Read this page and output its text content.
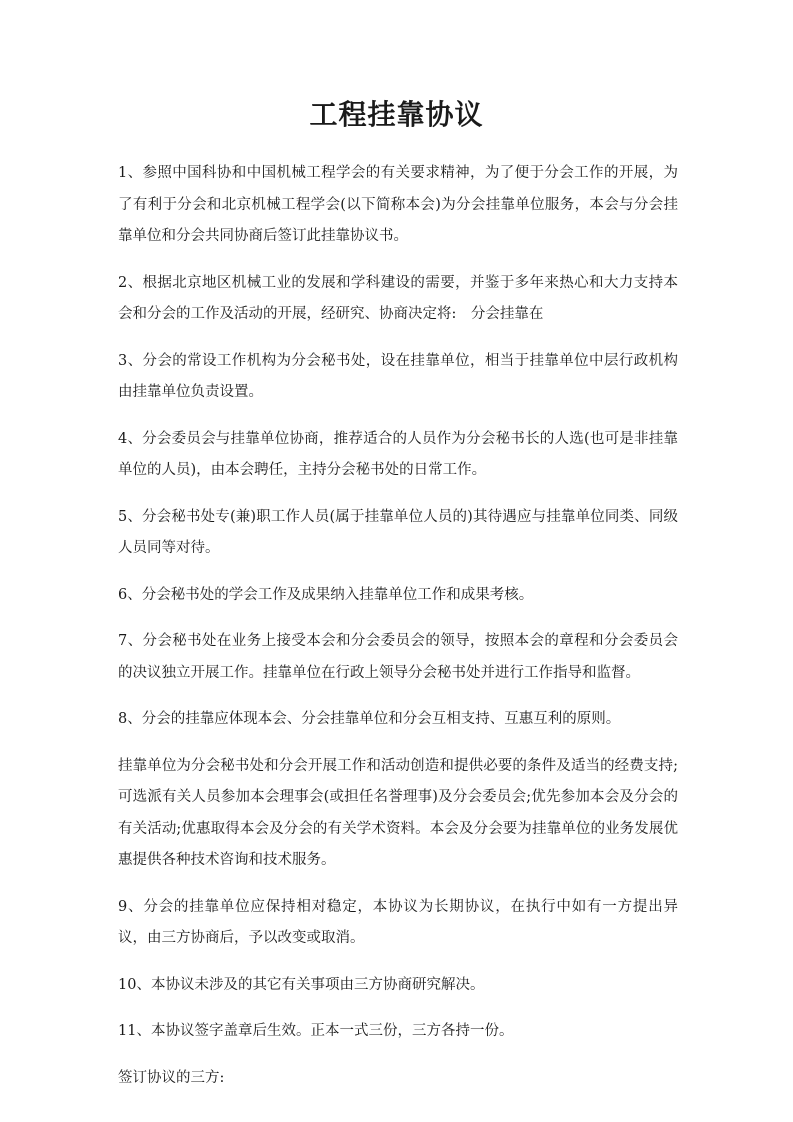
工程挂靠协议

1、参照中国科协和中国机械工程学会的有关要求精神，为了便于分会工作的开展，为了有利于分会和北京机械工程学会(以下简称本会)为分会挂靠单位服务，本会与分会挂靠单位和分会共同协商后签订此挂靠协议书。

2、根据北京地区机械工业的发展和学科建设的需要，并鉴于多年来热心和大力支持本会和分会的工作及活动的开展，经研究、协商决定将:　分会挂靠在

3、分会的常设工作机构为分会秘书处，设在挂靠单位，相当于挂靠单位中层行政机构由挂靠单位负责设置。

4、分会委员会与挂靠单位协商，推荐适合的人员作为分会秘书长的人选(也可是非挂靠单位的人员)，由本会聘任，主持分会秘书处的日常工作。

5、分会秘书处专(兼)职工作人员(属于挂靠单位人员的)其待遇应与挂靠单位同类、同级人员同等对待。

6、分会秘书处的学会工作及成果纳入挂靠单位工作和成果考核。

7、分会秘书处在业务上接受本会和分会委员会的领导，按照本会的章程和分会委员会的决议独立开展工作。挂靠单位在行政上领导分会秘书处并进行工作指导和监督。

8、分会的挂靠应体现本会、分会挂靠单位和分会互相支持、互惠互利的原则。

挂靠单位为分会秘书处和分会开展工作和活动创造和提供必要的条件及适当的经费支持;可选派有关人员参加本会理事会(或担任名誉理事)及分会委员会;优先参加本会及分会的有关活动;优惠取得本会及分会的有关学术资料。本会及分会要为挂靠单位的业务发展优惠提供各种技术咨询和技术服务。

9、分会的挂靠单位应保持相对稳定，本协议为长期协议，在执行中如有一方提出异议，由三方协商后，予以改变或取消。

10、本协议未涉及的其它有关事项由三方协商研究解决。

11、本协议签字盖章后生效。正本一式三份，三方各持一份。

签订协议的三方:
